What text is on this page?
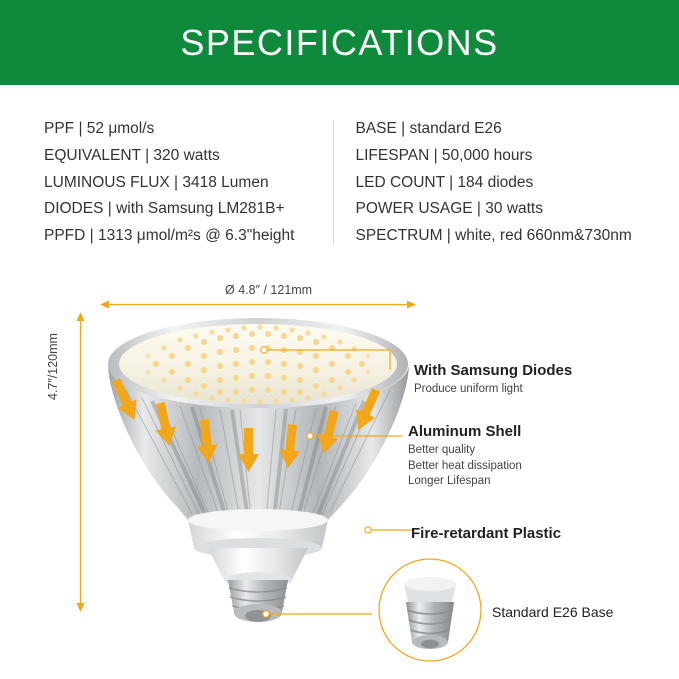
SPECIFICATIONS
PPF | 52 μmol/s
EQUIVALENT | 320 watts
LUMINOUS FLUX | 3418 Lumen
DIODES | with Samsung LM281B+
PPFD | 1313 μmol/m²s @ 6.3"height
BASE | standard E26
LIFESPAN | 50,000 hours
LED COUNT | 184 diodes
POWER USAGE | 30 watts
SPECTRUM | white, red 660nm&730nm
Ø 4.8″ / 121mm
4.7″/120mm	With Samsung Diodes

Produce uniform light

Aluminum Shell

Better quality

Better heat dissipation

Longer Lifespan

Fire-retardant Plastic

Standard E26 Base
